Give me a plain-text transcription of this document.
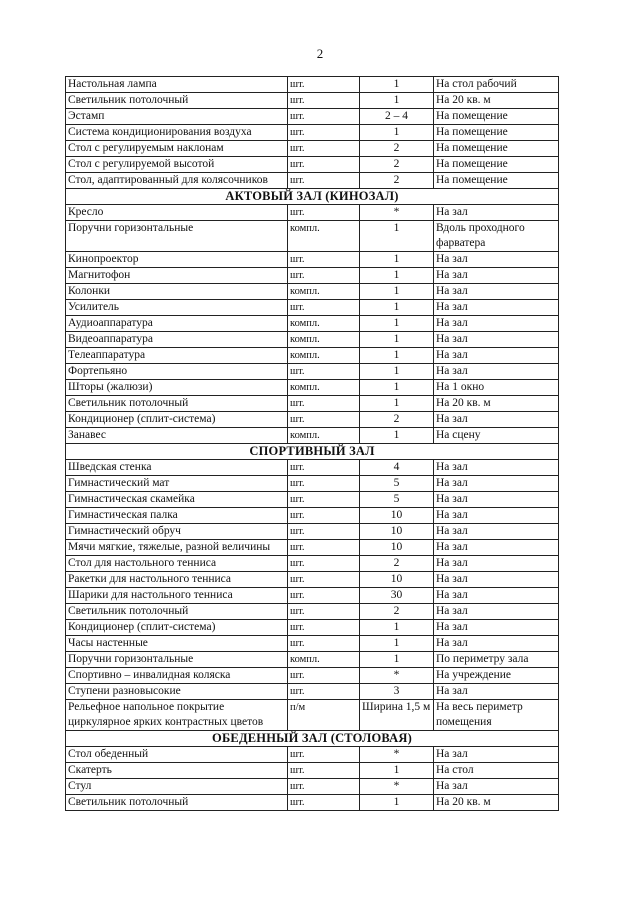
2
Настольная лампа	шт.	1	На стол рабочий
Светильник потолочный	шт.	1	На 20 кв. м
Эстамп	шт.	2 – 4	На помещение
Система кондиционирования воздуха	шт.	1	На помещение
Стол с регулируемым наклонам	шт.	2	На помещение
Стол с регулируемой высотой	шт.	2	На помещение
Стол, адаптированный для колясочников	шт.	2	На помещение
АКТОВЫЙ ЗАЛ (КИНОЗАЛ)			
Кресло	шт.	*	На зал
Поручни горизонтальные	компл.	1	Вдоль проходного фарватера
Кинопроектор	шт.	1	На зал
Магнитофон	шт.	1	На зал
Колонки	компл.	1	На зал
Усилитель	шт.	1	На зал
Аудиоаппаратура	компл.	1	На зал
Видеоаппаратура	компл.	1	На зал
Телеаппаратура	компл.	1	На зал
Фортепьяно	шт.	1	На зал
Шторы (жалюзи)	компл.	1	На 1 окно
Светильник потолочный	шт.	1	На 20 кв. м
Кондиционер (сплит-система)	шт.	2	На зал
Занавес	компл.	1	На сцену
СПОРТИВНЫЙ ЗАЛ			
Шведская стенка	шт.	4	На зал
Гимнастический мат	шт.	5	На зал
Гимнастическая скамейка	шт.	5	На зал
Гимнастическая палка	шт.	10	На зал
Гимнастический обруч	шт.	10	На зал
Мячи мягкие, тяжелые, разной величины	шт.	10	На зал
Стол для настольного тенниса	шт.	2	На зал
Ракетки для настольного тенниса	шт.	10	На зал
Шарики для настольного тенниса	шт.	30	На зал
Светильник потолочный	шт.	2	На зал
Кондиционер (сплит-система)	шт.	1	На зал
Часы настенные	шт.	1	На зал
Поручни горизонтальные	компл.	1	По периметру зала
Спортивно – инвалидная коляска	шт.	*	На учреждение
Ступени разновысокие	шт.	3	На зал
Рельефное напольное покрытие циркулярное ярких контрастных цветов	п/м	Ширина 1,5 м	На весь периметр помещения
ОБЕДЕННЫЙ ЗАЛ (СТОЛОВАЯ)			
Стол обеденный	шт.	*	На зал
Скатерть	шт.	1	На стол
Стул	шт.	*	На зал
Светильник потолочный	шт.	1	На 20 кв. м
